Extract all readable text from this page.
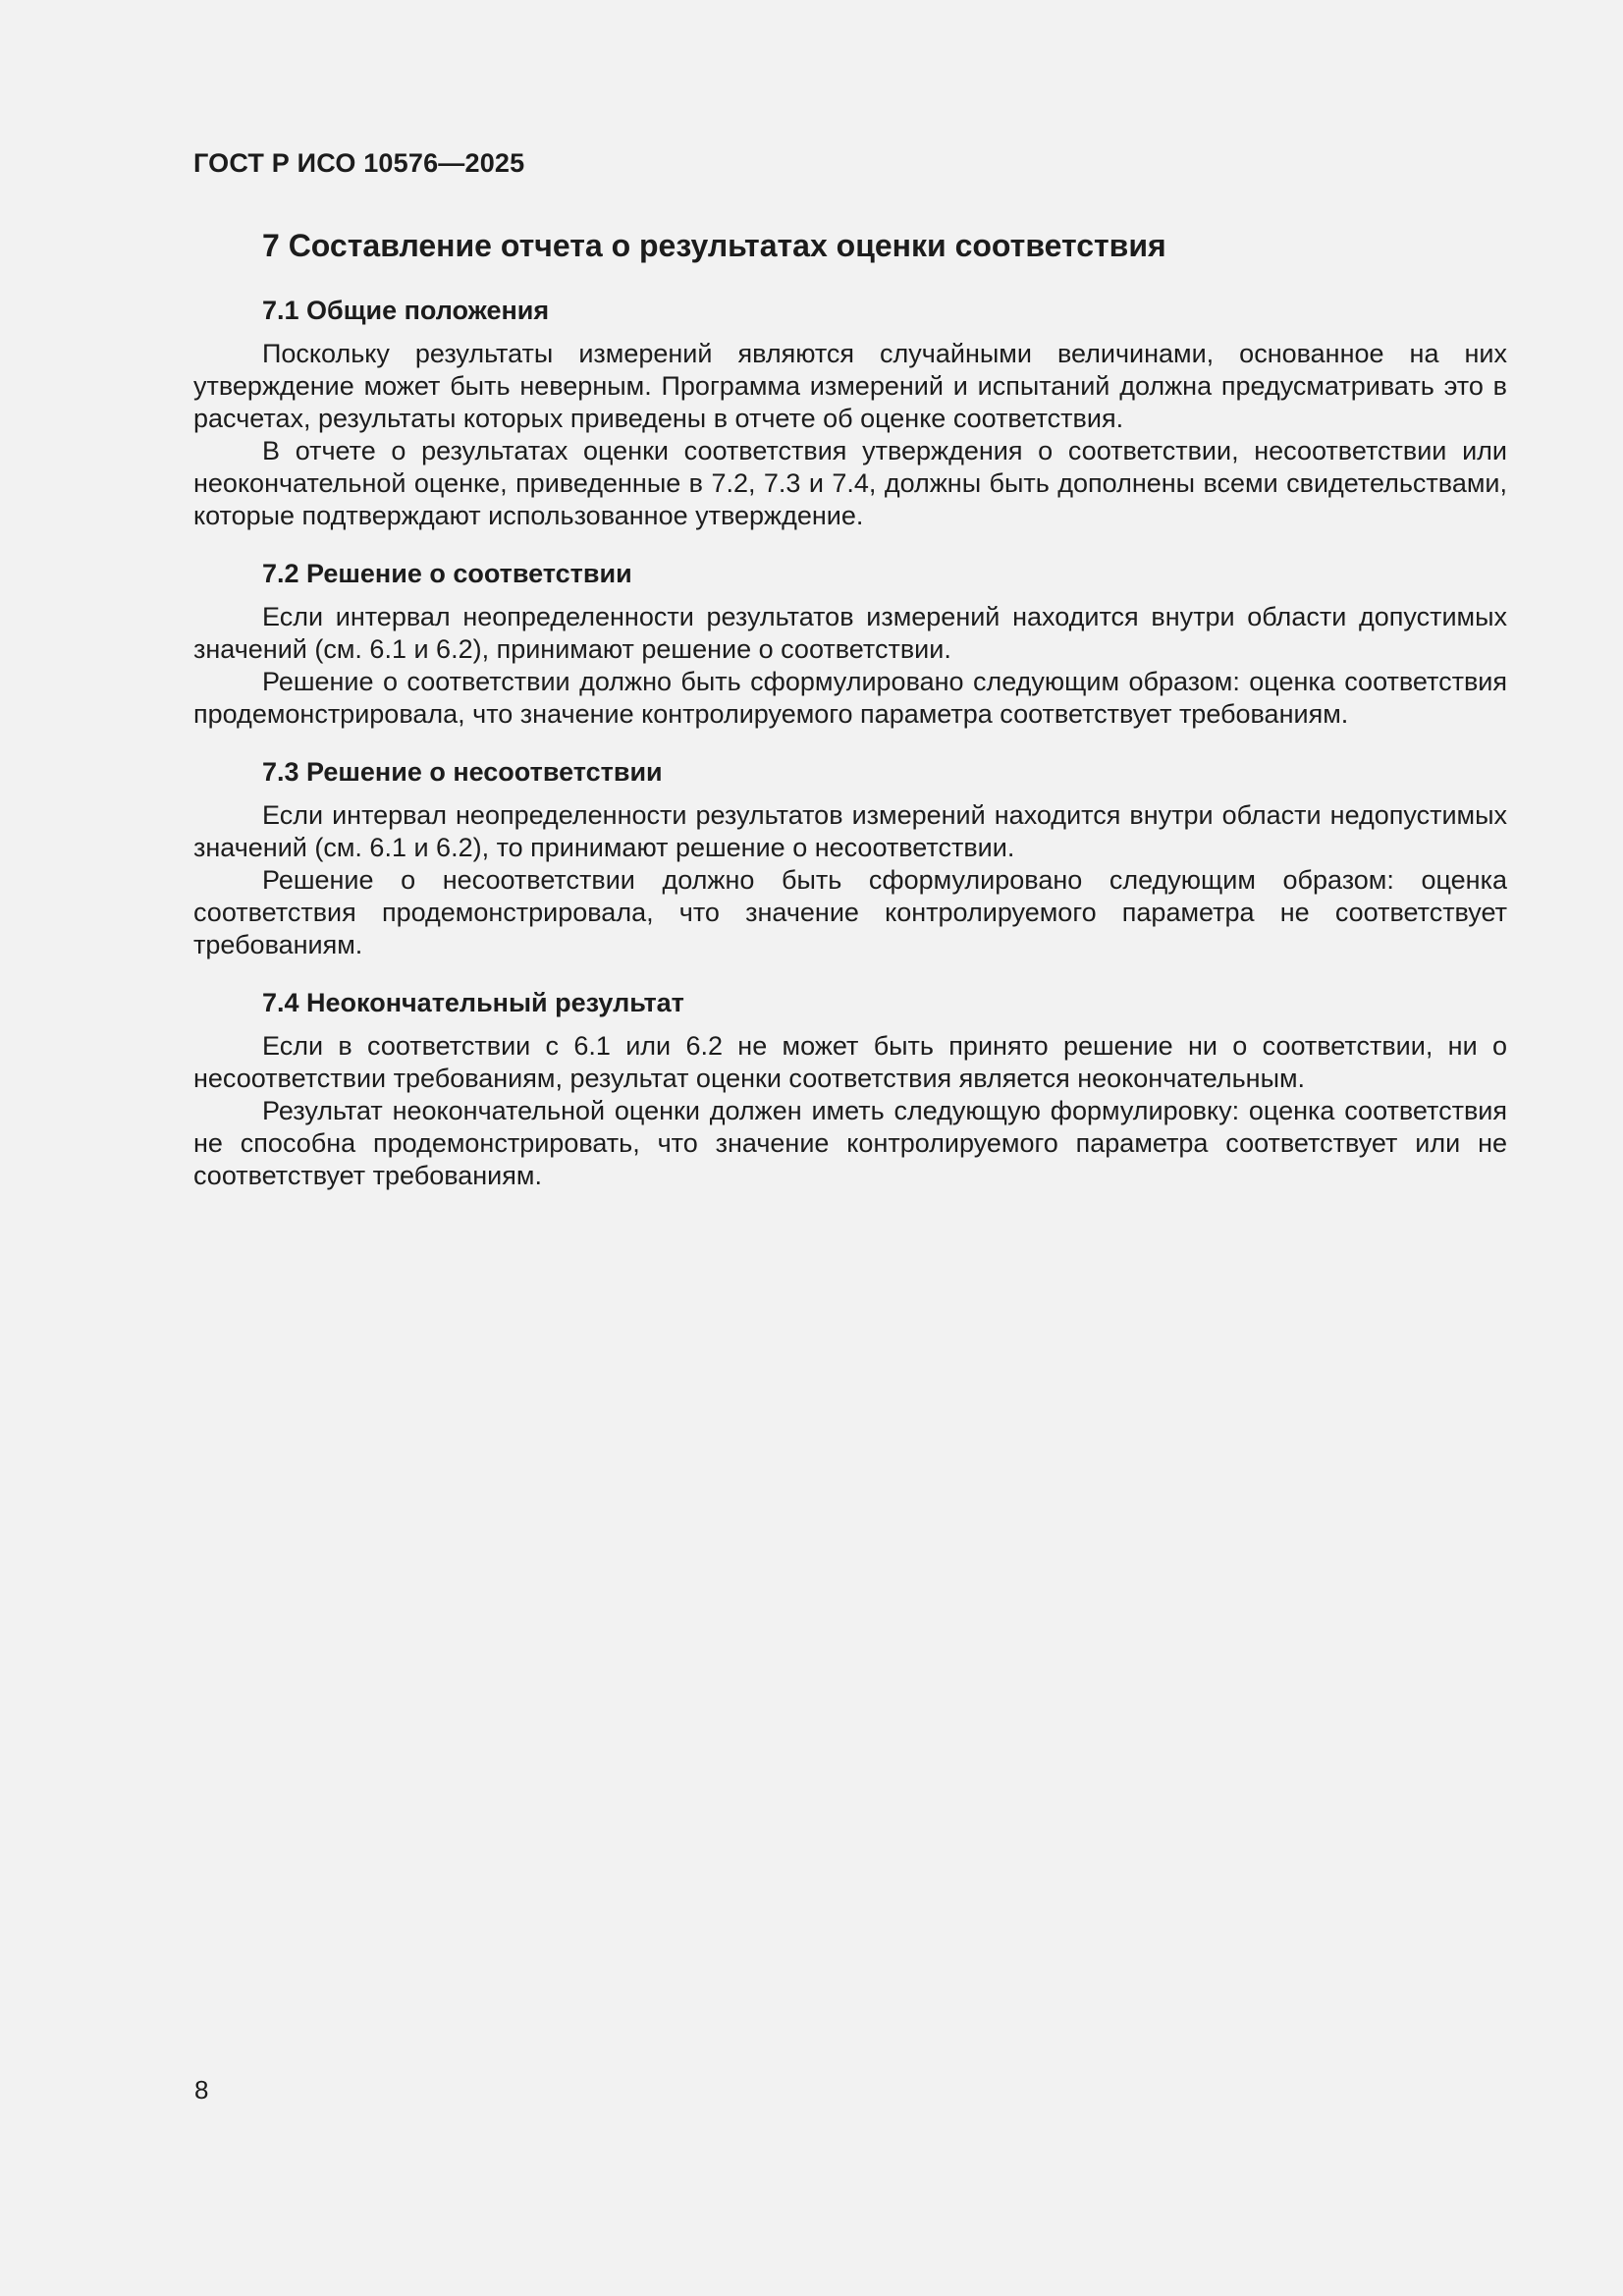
ГОСТ Р ИСО 10576—2025
7 Составление отчета о результатах оценки соответствия
7.1 Общие положения

Поскольку результаты измерений являются случайными величинами, основанное на них утверждение может быть неверным. Программа измерений и испытаний должна предусматривать это в расчетах, результаты которых приведены в отчете об оценке соответствия.

В отчете о результатах оценки соответствия утверждения о соответствии, несоответствии или неокончательной оценке, приведенные в 7.2, 7.3 и 7.4, должны быть дополнены всеми свидетельствами, которые подтверждают использованное утверждение.

7.2 Решение о соответствии

Если интервал неопределенности результатов измерений находится внутри области допустимых значений (см. 6.1 и 6.2), принимают решение о соответствии.

Решение о соответствии должно быть сформулировано следующим образом: оценка соответствия продемонстрировала, что значение контролируемого параметра соответствует требованиям.

7.3 Решение о несоответствии

Если интервал неопределенности результатов измерений находится внутри области недопустимых значений (см. 6.1 и 6.2), то принимают решение о несоответствии.

Решение о несоответствии должно быть сформулировано следующим образом: оценка соответствия продемонстрировала, что значение контролируемого параметра не соответствует требованиям.

7.4 Неокончательный результат

Если в соответствии с 6.1 или 6.2 не может быть принято решение ни о соответствии, ни о несоответствии требованиям, результат оценки соответствия является неокончательным.

Результат неокончательной оценки должен иметь следующую формулировку: оценка соответствия не способна продемонстрировать, что значение контролируемого параметра соответствует или не соответствует требованиям.

8
